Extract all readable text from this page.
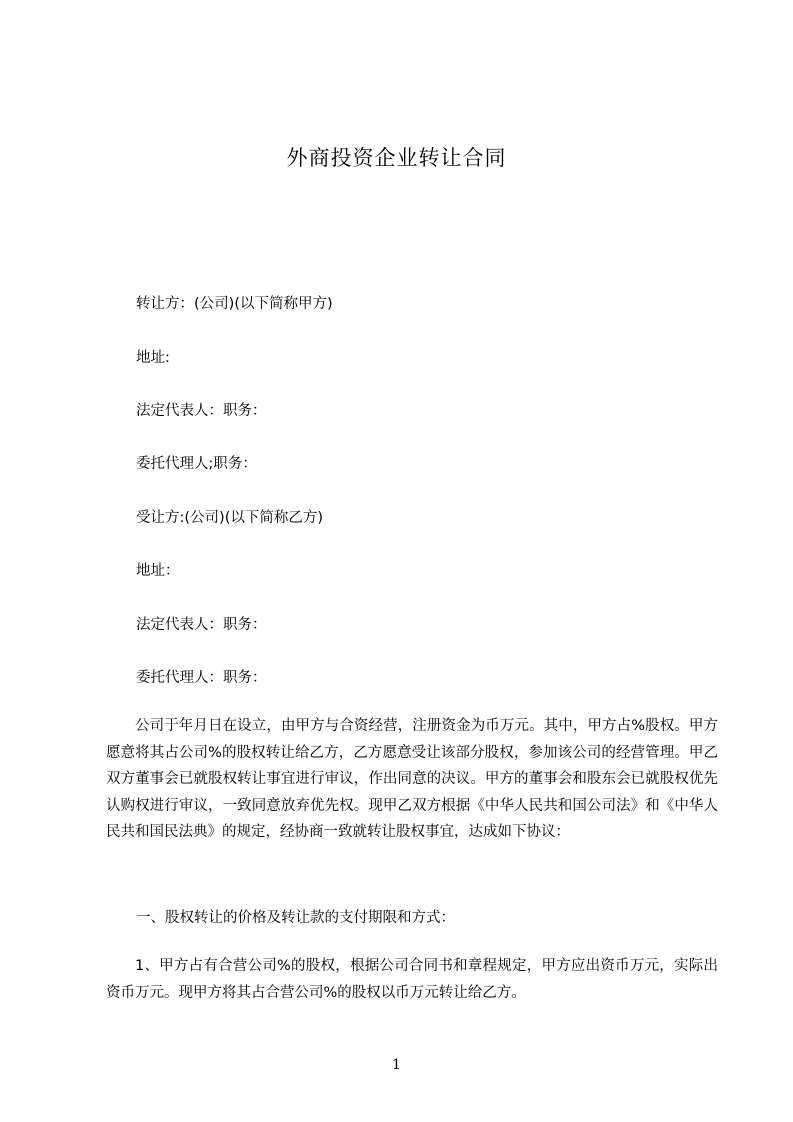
外商投资企业转让合同
转让方：(公司)(以下简称甲方)
地址:
法定代表人：职务：
委托代理人;职务：
受让方:(公司)(以下简称乙方)
地址：
法定代表人：职务：
委托代理人：职务：
公司于年月日在设立，由甲方与合资经营，注册资金为币万元。其中，甲方占%股权。甲方愿意将其占公司%的股权转让给乙方，乙方愿意受让该部分股权，参加该公司的经营管理。甲乙双方董事会已就股权转让事宜进行审议，作出同意的决议。甲方的董事会和股东会已就股权优先认购权进行审议，一致同意放弃优先权。现甲乙双方根据《中华人民共和国公司法》和《中华人民共和国民法典》的规定，经协商一致就转让股权事宜，达成如下协议：
一、股权转让的价格及转让款的支付期限和方式：
1、甲方占有合营公司%的股权，根据公司合同书和章程规定，甲方应出资币万元，实际出资币万元。现甲方将其占合营公司%的股权以币万元转让给乙方。
1
